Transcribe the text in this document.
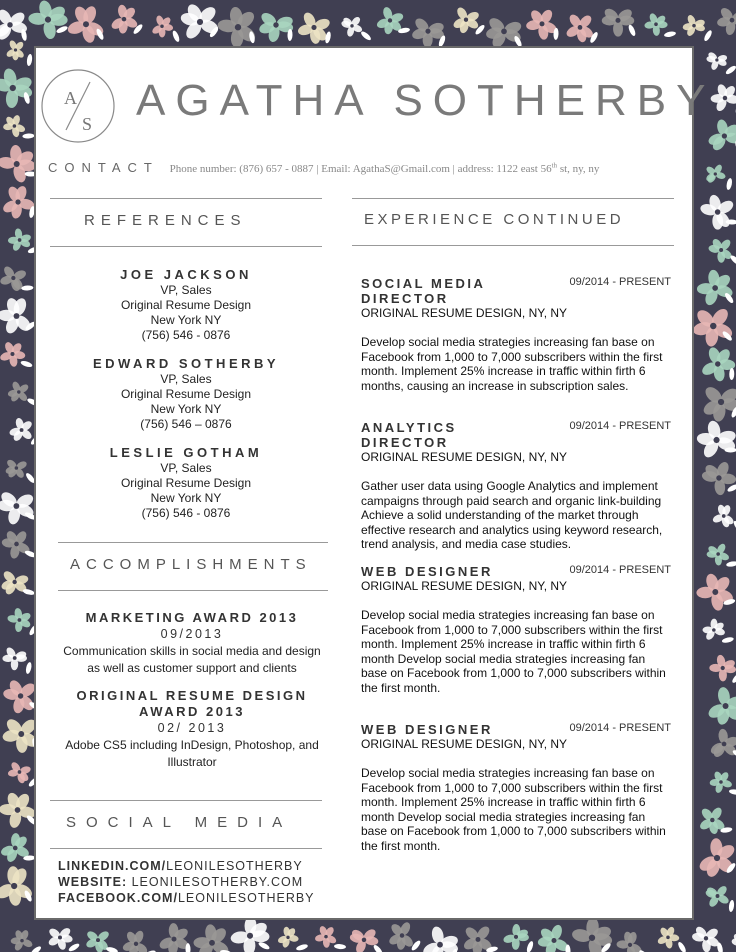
A
S AGATHA SOTHERBY
CONTACT Phone number: (876) 657 - 0887 | Email: AgathaS@Gmail.com | address: 1122 east 56th st, ny, ny
REFERENCES
JOE JACKSON
VP, Sales
Original Resume Design
New York NY
(756) 546 - 0876
EDWARD SOTHERBY
VP, Sales
Original Resume Design
New York NY
(756) 546 – 0876
LESLIE GOTHAM
VP, Sales
Original Resume Design
New York NY
(756) 546 - 0876
ACCOMPLISHMENTS
MARKETING AWARD 2013
09/2013
Communication skills in social media and design as well as customer support and clients
ORIGINAL RESUME DESIGN AWARD 2013
02/ 2013
Adobe CS5 including InDesign, Photoshop, and Illustrator
SOCIAL MEDIA
LINKEDIN.COM/LEONILESOTHERBY
WEBSITE: LEONILESOTHERBY.COM
FACEBOOK.COM/LEONILESOTHERBY
EXPERIENCE CONTINUED
09/2014 - PRESENT
SOCIAL MEDIA DIRECTOR
ORIGINAL RESUME DESIGN, NY, NY
Develop social media strategies increasing fan base on Facebook from 1,000 to 7,000 subscribers within the first month. Implement 25% increase in traffic within firth 6 months, causing an increase in subscription sales.
09/2014 - PRESENT
ANALYTICS DIRECTOR
ORIGINAL RESUME DESIGN, NY, NY
Gather user data using Google Analytics and implement campaigns through paid search and organic link-building Achieve a solid understanding of the market through effective research and analytics using keyword research, trend analysis, and media case studies.
09/2014 - PRESENT
WEB DESIGNER
ORIGINAL RESUME DESIGN, NY, NY
Develop social media strategies increasing fan base on Facebook from 1,000 to 7,000 subscribers within the first month. Implement 25% increase in traffic within firth 6 month Develop social media strategies increasing fan base on Facebook from 1,000 to 7,000 subscribers within the first month.
09/2014 - PRESENT
WEB DESIGNER
ORIGINAL RESUME DESIGN, NY, NY
Develop social media strategies increasing fan base on Facebook from 1,000 to 7,000 subscribers within the first month. Implement 25% increase in traffic within firth 6 month Develop social media strategies increasing fan base on Facebook from 1,000 to 7,000 subscribers within the first month.
